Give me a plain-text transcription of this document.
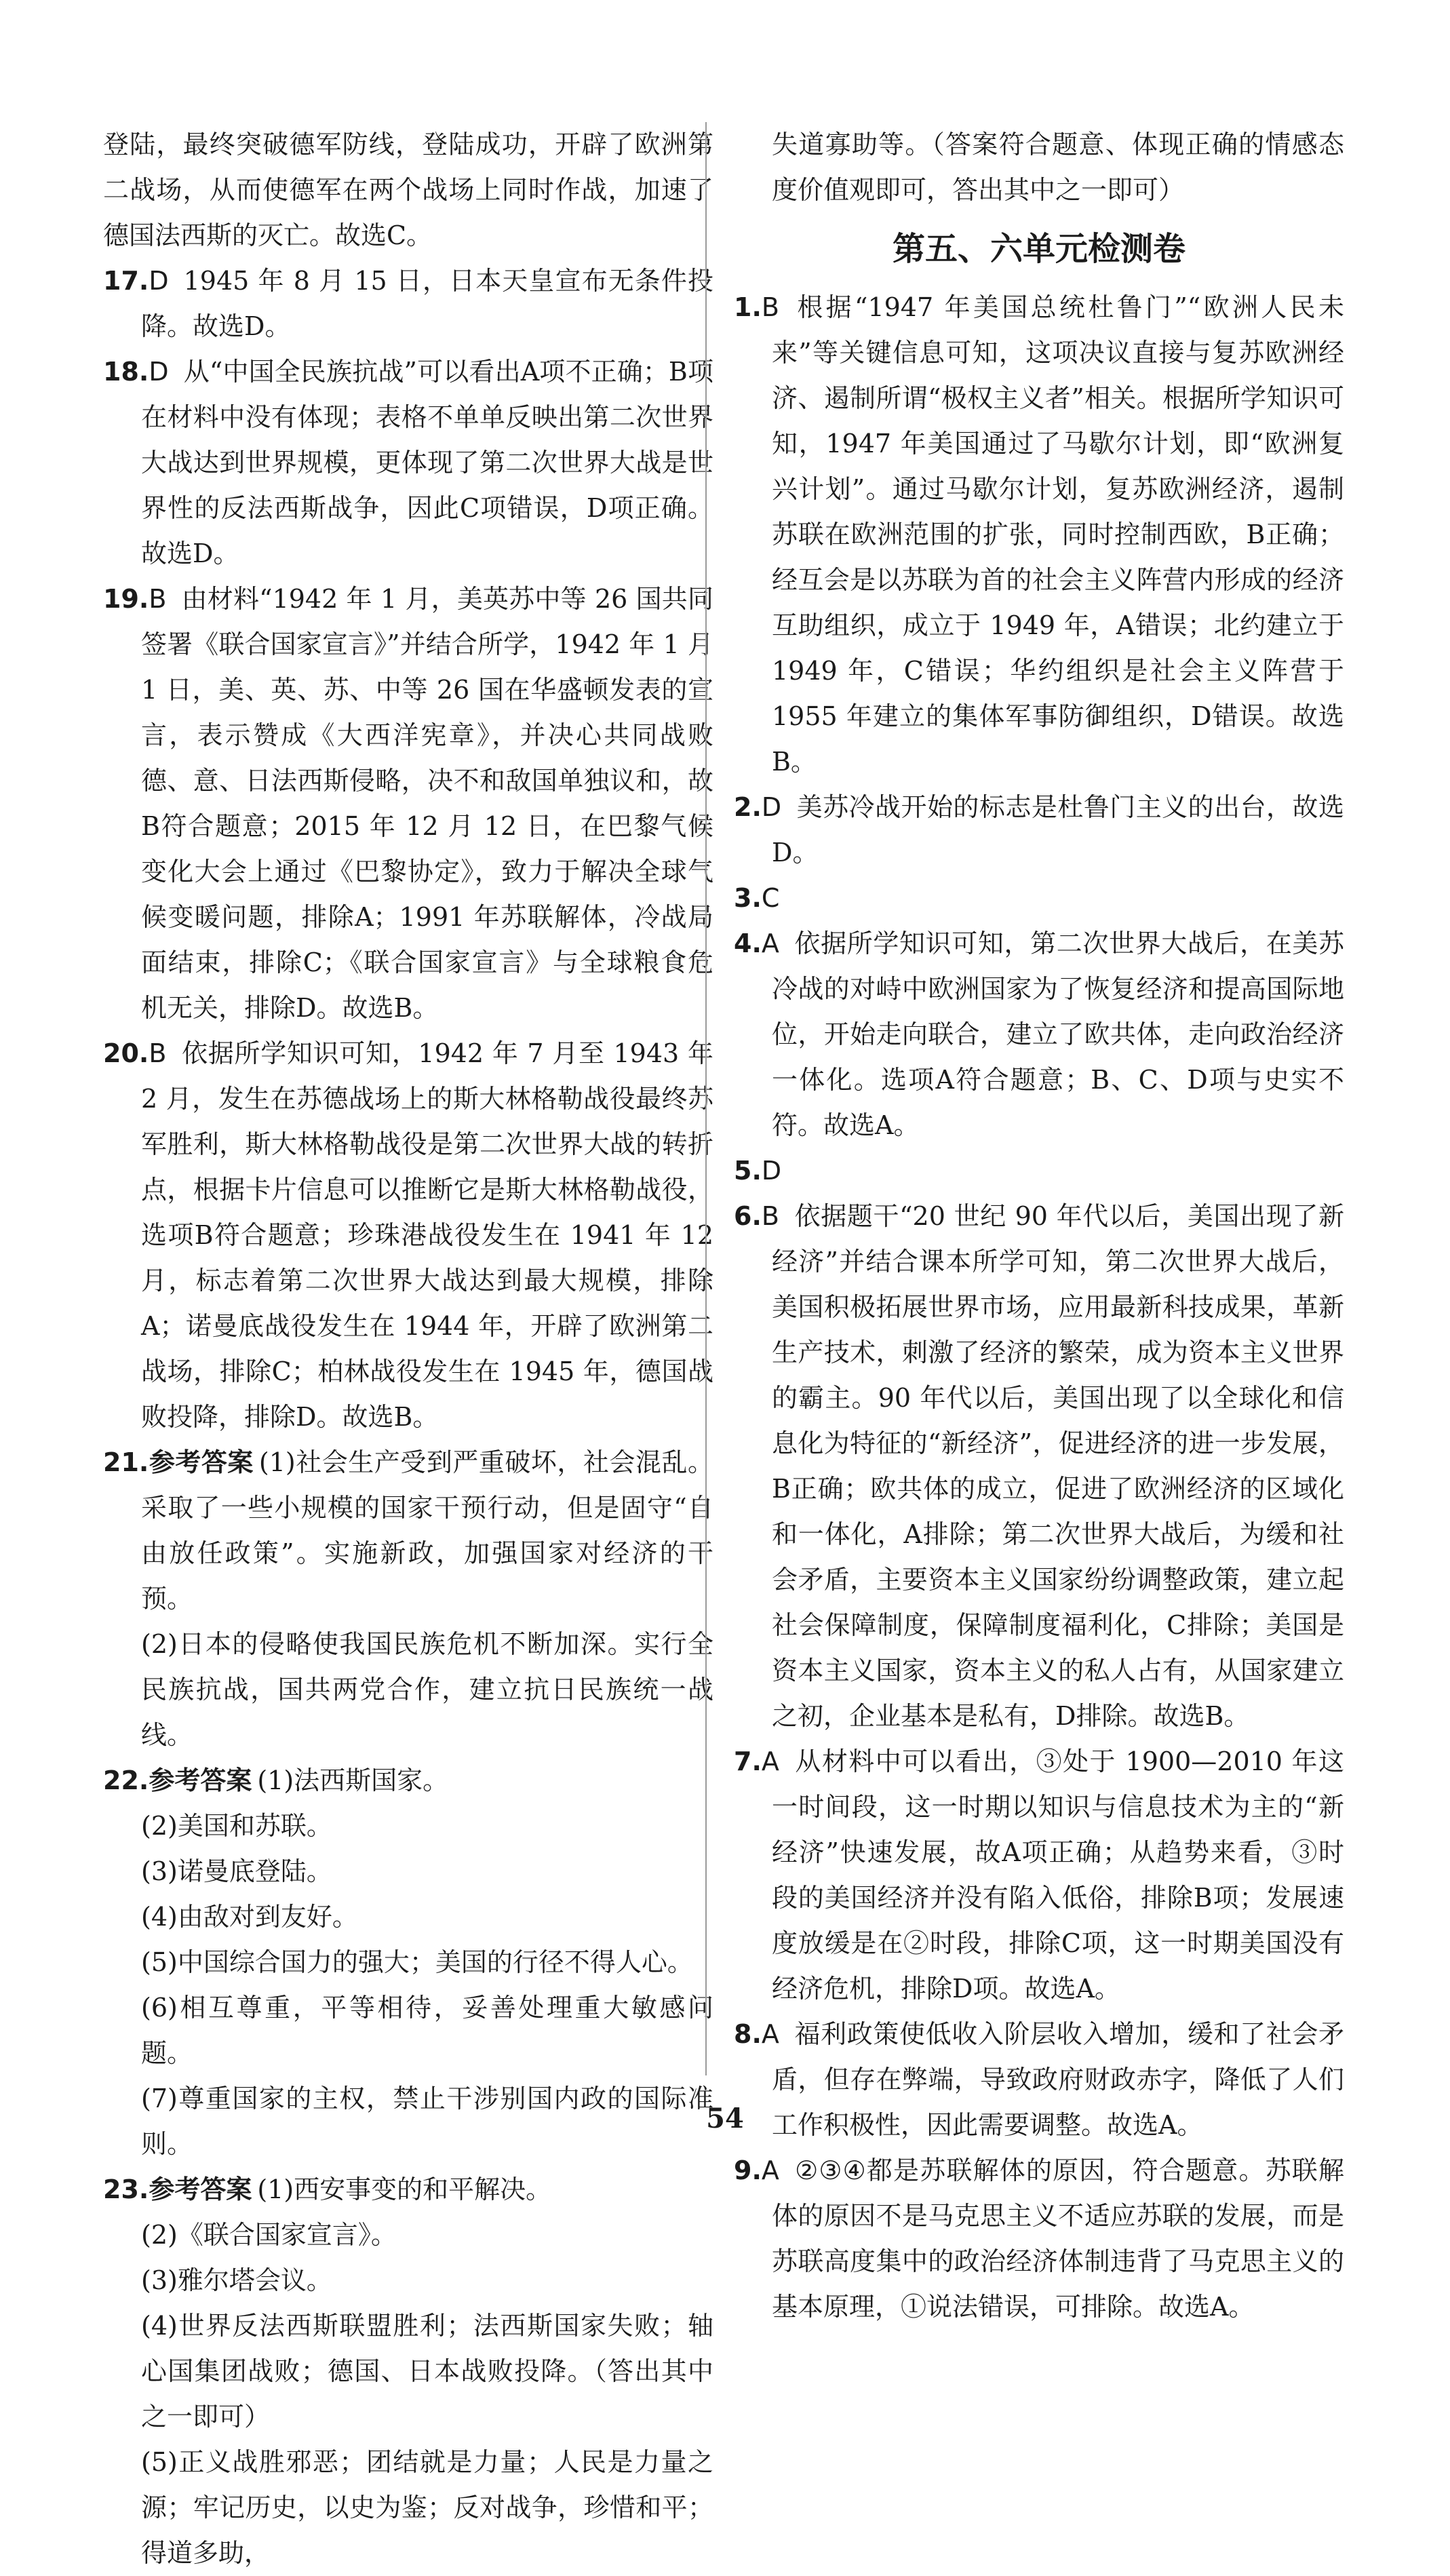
登陆，最终突破德军防线，登陆成功，开辟了欧洲第二战场，从而使德军在两个战场上同时作战，加速了德国法西斯的灭亡。故选C。

17.D 1945 年 8 月 15 日，日本天皇宣布无条件投降。故选D。

18.D 从“中国全民族抗战”可以看出A项不正确；B项在材料中没有体现；表格不单单反映出第二次世界大战达到世界规模，更体现了第二次世界大战是世界性的反法西斯战争，因此C项错误，D项正确。故选D。

19.B 由材料“1942 年 1 月，美英苏中等 26 国共同签署《联合国家宣言》”并结合所学，1942 年 1 月 1 日，美、英、苏、中等 26 国在华盛顿发表的宣言，表示赞成《大西洋宪章》，并决心共同战败德、意、日法西斯侵略，决不和敌国单独议和，故B符合题意；2015 年 12 月 12 日，在巴黎气候变化大会上通过《巴黎协定》，致力于解决全球气候变暖问题，排除A；1991 年苏联解体，冷战局面结束，排除C；《联合国家宣言》与全球粮食危机无关，排除D。故选B。

20.B 依据所学知识可知，1942 年 7 月至 1943 年 2 月，发生在苏德战场上的斯大林格勒战役最终苏军胜利，斯大林格勒战役是第二次世界大战的转折点，根据卡片信息可以推断它是斯大林格勒战役，选项B符合题意；珍珠港战役发生在 1941 年 12 月，标志着第二次世界大战达到最大规模，排除A；诺曼底战役发生在 1944 年，开辟了欧洲第二战场，排除C；柏林战役发生在 1945 年，德国战败投降，排除D。故选B。

21.参考答案 (1)社会生产受到严重破坏，社会混乱。采取了一些小规模的国家干预行动，但是固守“自由放任政策”。实施新政，加强国家对经济的干预。

(2)日本的侵略使我国民族危机不断加深。实行全民族抗战，国共两党合作，建立抗日民族统一战线。

22.参考答案 (1)法西斯国家。

(2)美国和苏联。

(3)诺曼底登陆。

(4)由敌对到友好。

(5)中国综合国力的强大；美国的行径不得人心。

(6)相互尊重，平等相待，妥善处理重大敏感问题。

(7)尊重国家的主权，禁止干涉别国内政的国际准则。

23.参考答案 (1)西安事变的和平解决。

(2)《联合国家宣言》。

(3)雅尔塔会议。

(4)世界反法西斯联盟胜利；法西斯国家失败；轴心国集团战败；德国、日本战败投降。（答出其中之一即可）

(5)正义战胜邪恶；团结就是力量；人民是力量之源；牢记历史，以史为鉴；反对战争，珍惜和平；得道多助，

失道寡助等。（答案符合题意、体现正确的情感态度价值观即可，答出其中之一即可）

第五、六单元检测卷

1.B 根据“1947 年美国总统杜鲁门”“欧洲人民未来”等关键信息可知，这项决议直接与复苏欧洲经济、遏制所谓“极权主义者”相关。根据所学知识可知，1947 年美国通过了马歇尔计划，即“欧洲复兴计划”。通过马歇尔计划，复苏欧洲经济，遏制苏联在欧洲范围的扩张，同时控制西欧，B正确；经互会是以苏联为首的社会主义阵营内形成的经济互助组织，成立于 1949 年，A错误；北约建立于 1949 年，C错误；华约组织是社会主义阵营于 1955 年建立的集体军事防御组织，D错误。故选B。

2.D 美苏冷战开始的标志是杜鲁门主义的出台，故选D。

3.C

4.A 依据所学知识可知，第二次世界大战后，在美苏冷战的对峙中欧洲国家为了恢复经济和提高国际地位，开始走向联合，建立了欧共体，走向政治经济一体化。选项A符合题意；B、C、D项与史实不符。故选A。

5.D

6.B 依据题干“20 世纪 90 年代以后，美国出现了新经济”并结合课本所学可知，第二次世界大战后，美国积极拓展世界市场，应用最新科技成果，革新生产技术，刺激了经济的繁荣，成为资本主义世界的霸主。90 年代以后，美国出现了以全球化和信息化为特征的“新经济”，促进经济的进一步发展，B正确；欧共体的成立，促进了欧洲经济的区域化和一体化，A排除；第二次世界大战后，为缓和社会矛盾，主要资本主义国家纷纷调整政策，建立起社会保障制度，保障制度福利化，C排除；美国是资本主义国家，资本主义的私人占有，从国家建立之初，企业基本是私有，D排除。故选B。

7.A 从材料中可以看出，③处于 1900—2010 年这一时间段，这一时期以知识与信息技术为主的“新经济”快速发展，故A项正确；从趋势来看，③时段的美国经济并没有陷入低俗，排除B项；发展速度放缓是在②时段，排除C项，这一时期美国没有经济危机，排除D项。故选A。

8.A 福利政策使低收入阶层收入增加，缓和了社会矛盾，但存在弊端，导致政府财政赤字，降低了人们工作积极性，因此需要调整。故选A。

9.A ②③④都是苏联解体的原因，符合题意。苏联解体的原因不是马克思主义不适应苏联的发展，而是苏联高度集中的政治经济体制违背了马克思主义的基本原理，①说法错误，可排除。故选A。

54
